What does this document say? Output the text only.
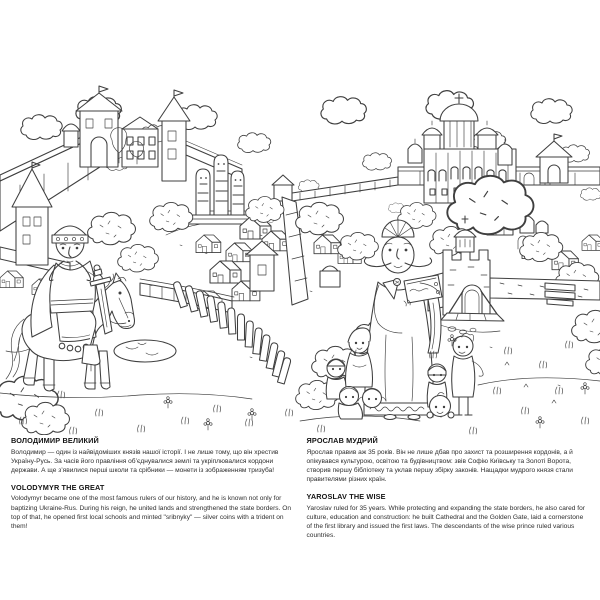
ВОЛОДИМИР ВЕЛИКИЙ

Володимир — один із найвідоміших князів нашої історії. І не лише тому, що він хрестив Україну-Русь. За часів його правління об’єднувалися землі та укріплювалися кордони держави. А ще з’явилися перші школи та срібники — монети із зображенням тризуба!

VOLODYMYR THE GREAT

Volodymyr became one of the most famous rulers of our history, and he is known not only for baptizing Ukraine-Rus. During his reign, he united lands and strengthened the state borders. On top of that, he opened first local schools and minted "sribnyky" — silver coins with a trident on them!

ЯРОСЛАВ МУДРИЙ

Ярослав правив аж 35 років. Він не лише дбав про захист та розширення кордонів, а й опікувався культурою, освітою та будівництвом: звів Софію Київську та Золоті Ворота, створив першу бібліотеку та уклав першу збірку законів. Нащадки мудрого князя стали правителями різних країн.

YAROSLAV THE WISE

Yaroslav ruled for 35 years. While protecting and expanding the state borders, he also cared for culture, education and construction: he built Cathedral and the Golden Gate, laid a cornerstone of the first library and issued the first laws. The descendants of the wise prince ruled various countries.
